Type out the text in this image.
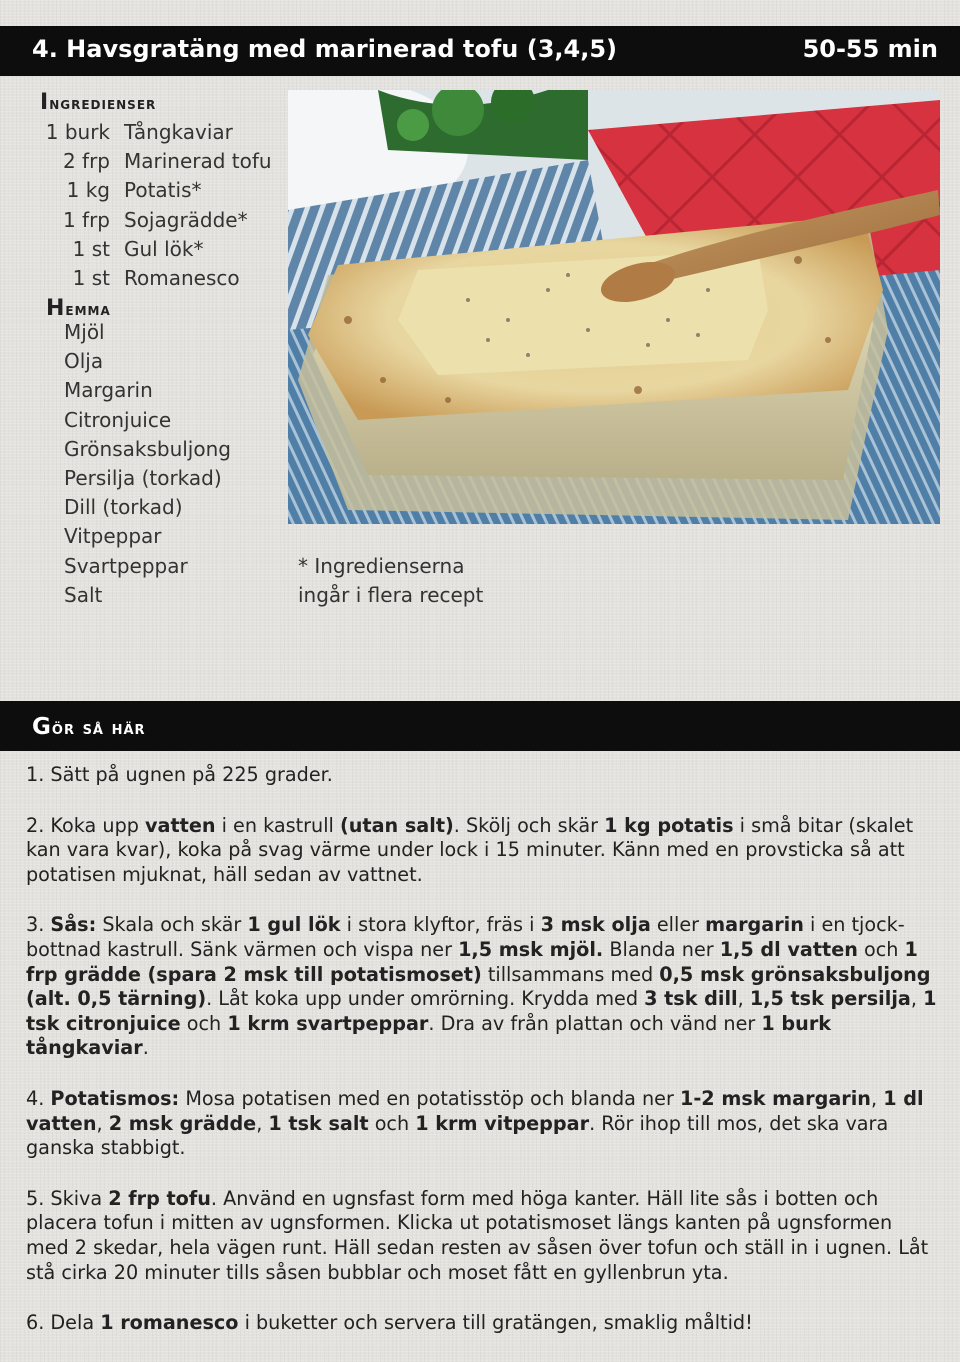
4. Havsgratäng med marinerad tofu (3,4,5)	50-55 min
Ingredienser
1 burk Tångkaviar
2 frp Marinerad tofu
1 kg Potatis*
1 frp Sojagrädde*
1 st Gul lök*
1 st Romanesco
Hemma
Mjöl
Olja
Margarin
Citronjuice
Grönsaksbuljong
Persilja (torkad)
Dill (torkad)
Vitpeppar
Svartpeppar
Salt
* Ingredienserna
ingår i flera recept
Gör så här

1. Sätt på ugnen på 225 grader.

2. Koka upp vatten i en kastrull (utan salt). Skölj och skär 1 kg potatis i små bitar (skalet kan vara kvar), koka på svag värme under lock i 15 minuter. Känn med en provsticka så att potatisen mjuknat, häll sedan av vattnet.

3. Sås: Skala och skär 1 gul lök i stora klyftor, fräs i 3 msk olja eller margarin i en tjock-bottnad kastrull. Sänk värmen och vispa ner 1,5 msk mjöl. Blanda ner 1,5 dl vatten och 1 frp grädde (spara 2 msk till potatismoset) tillsammans med 0,5 msk grönsaksbuljong (alt. 0,5 tärning). Låt koka upp under omrörning. Krydda med 3 tsk dill, 1,5 tsk persilja, 1 tsk citronjuice och 1 krm svartpeppar. Dra av från plattan och vänd ner 1 burk tångkaviar.

4. Potatismos: Mosa potatisen med en potatisstöp och blanda ner 1-2 msk margarin, 1 dl vatten, 2 msk grädde, 1 tsk salt och 1 krm vitpeppar. Rör ihop till mos, det ska vara ganska stabbigt.

5. Skiva 2 frp tofu. Använd en ugnsfast form med höga kanter. Häll lite sås i botten och placera tofun i mitten av ugnsformen. Klicka ut potatismoset längs kanten på ugnsformen med 2 skedar, hela vägen runt. Häll sedan resten av såsen över tofun och ställ in i ugnen. Låt stå cirka 20 minuter tills såsen bubblar och moset fått en gyllenbrun yta.

6. Dela 1 romanesco i buketter och servera till gratängen, smaklig måltid!
